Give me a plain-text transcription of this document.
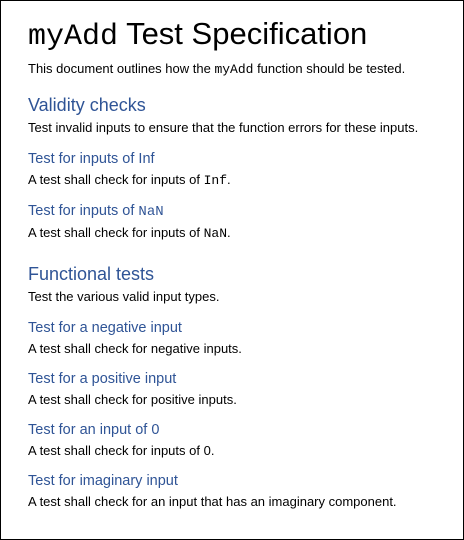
myAdd Test Specification

This document outlines how the myAdd function should be tested.

Validity checks

Test invalid inputs to ensure that the function errors for these inputs.

Test for inputs of Inf

A test shall check for inputs of Inf.

Test for inputs of NaN

A test shall check for inputs of NaN.

Functional tests

Test the various valid input types.

Test for a negative input

A test shall check for negative inputs.

Test for a positive input

A test shall check for positive inputs.

Test for an input of 0

A test shall check for inputs of 0.

Test for imaginary input

A test shall check for an input that has an imaginary component.
